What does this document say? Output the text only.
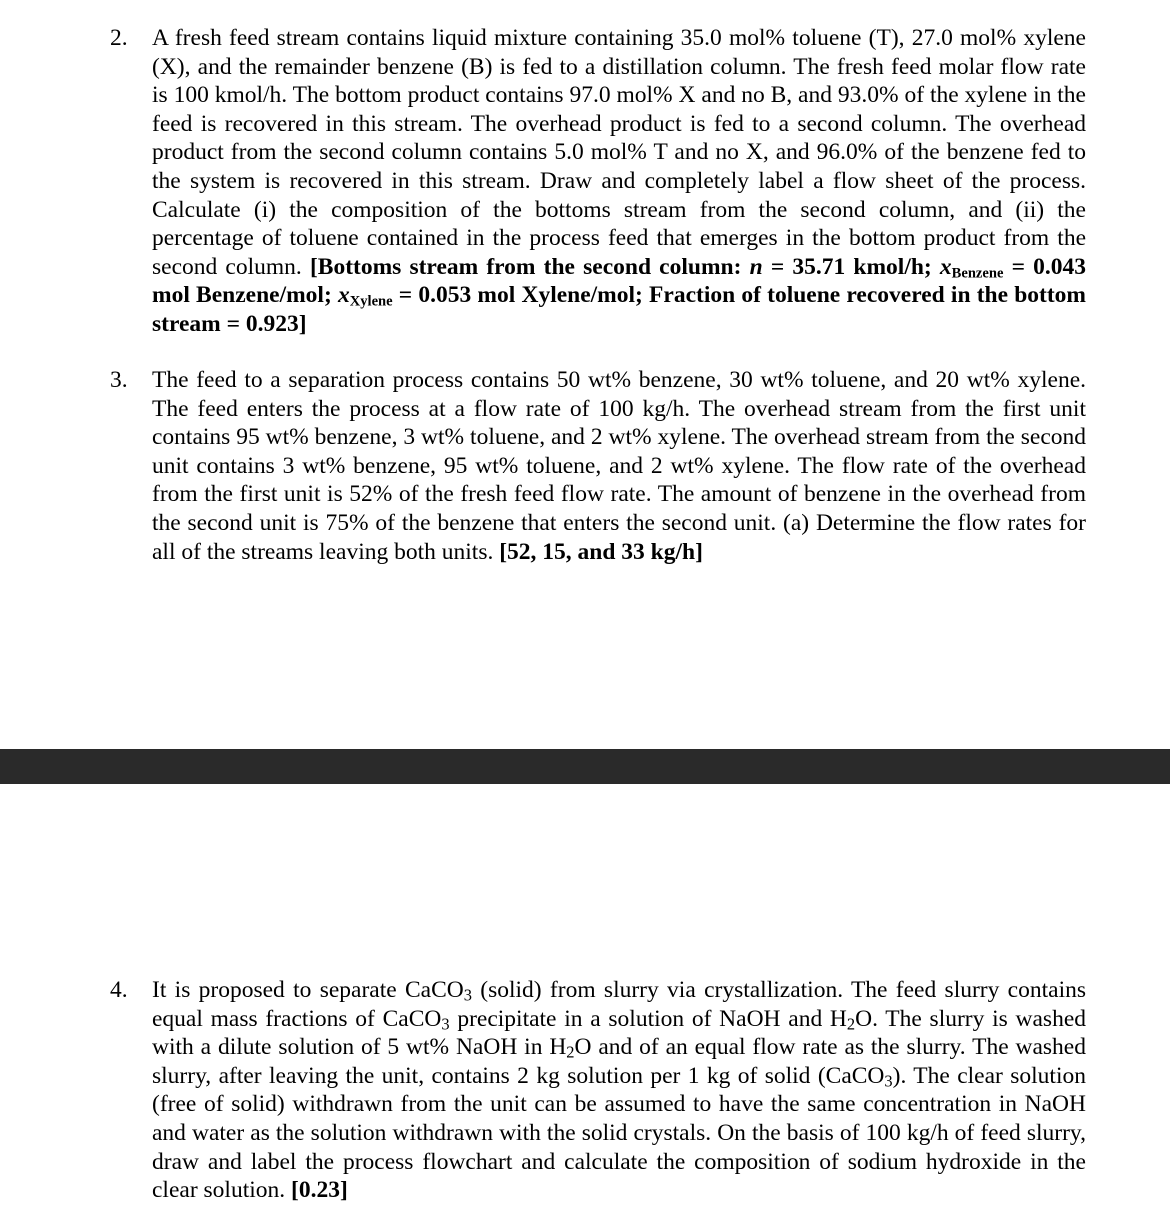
2.	A fresh feed stream contains liquid mixture containing 35.0 mol% toluene (T), 27.0 mol% xylene (X), and the remainder benzene (B) is fed to a distillation column. The fresh feed molar flow rate is 100 kmol/h. The bottom product contains 97.0 mol% X and no B, and 93.0% of the xylene in the feed is recovered in this stream. The overhead product is fed to a second column. The overhead product from the second column contains 5.0 mol% T and no X, and 96.0% of the benzene fed to the system is recovered in this stream. Draw and completely label a flow sheet of the process. Calculate (i) the composition of the bottoms stream from the second column, and (ii) the percentage of toluene contained in the process feed that emerges in the bottom product from the second column. [Bottoms stream from the second column: n = 35.71 kmol/h; xBenzene = 0.043 mol Benzene/mol; xXylene = 0.053 mol Xylene/mol; Fraction of toluene recovered in the bottom stream = 0.923]
3.	The feed to a separation process contains 50 wt% benzene, 30 wt% toluene, and 20 wt% xylene. The feed enters the process at a flow rate of 100 kg/h. The overhead stream from the first unit contains 95 wt% benzene, 3 wt% toluene, and 2 wt% xylene. The overhead stream from the second unit contains 3 wt% benzene, 95 wt% toluene, and 2 wt% xylene. The flow rate of the overhead from the first unit is 52% of the fresh feed flow rate. The amount of benzene in the overhead from the second unit is 75% of the benzene that enters the second unit. (a) Determine the flow rates for all of the streams leaving both units. [52, 15, and 33 kg/h]
4.	It is proposed to separate CaCO$_3$ (solid) from slurry via crystallization. The feed slurry contains equal mass fractions of CaCO$_3$ precipitate in a solution of NaOH and $H_2O$. The slurry is washed with a dilute solution of 5 wt% NaOH in $H_2O$ and of an equal flow rate as the slurry. The washed slurry, after leaving the unit, contains 2 kg solution per 1 kg of solid (CaCO$_3$). The clear solution (free of solid) withdrawn from the unit can be assumed to have the same concentration in NaOH and water as the solution withdrawn with the solid crystals. On the basis of 100 kg/h of feed slurry, draw and label the process flowchart and calculate the composition of sodium hydroxide in the clear solution. [0.23]
